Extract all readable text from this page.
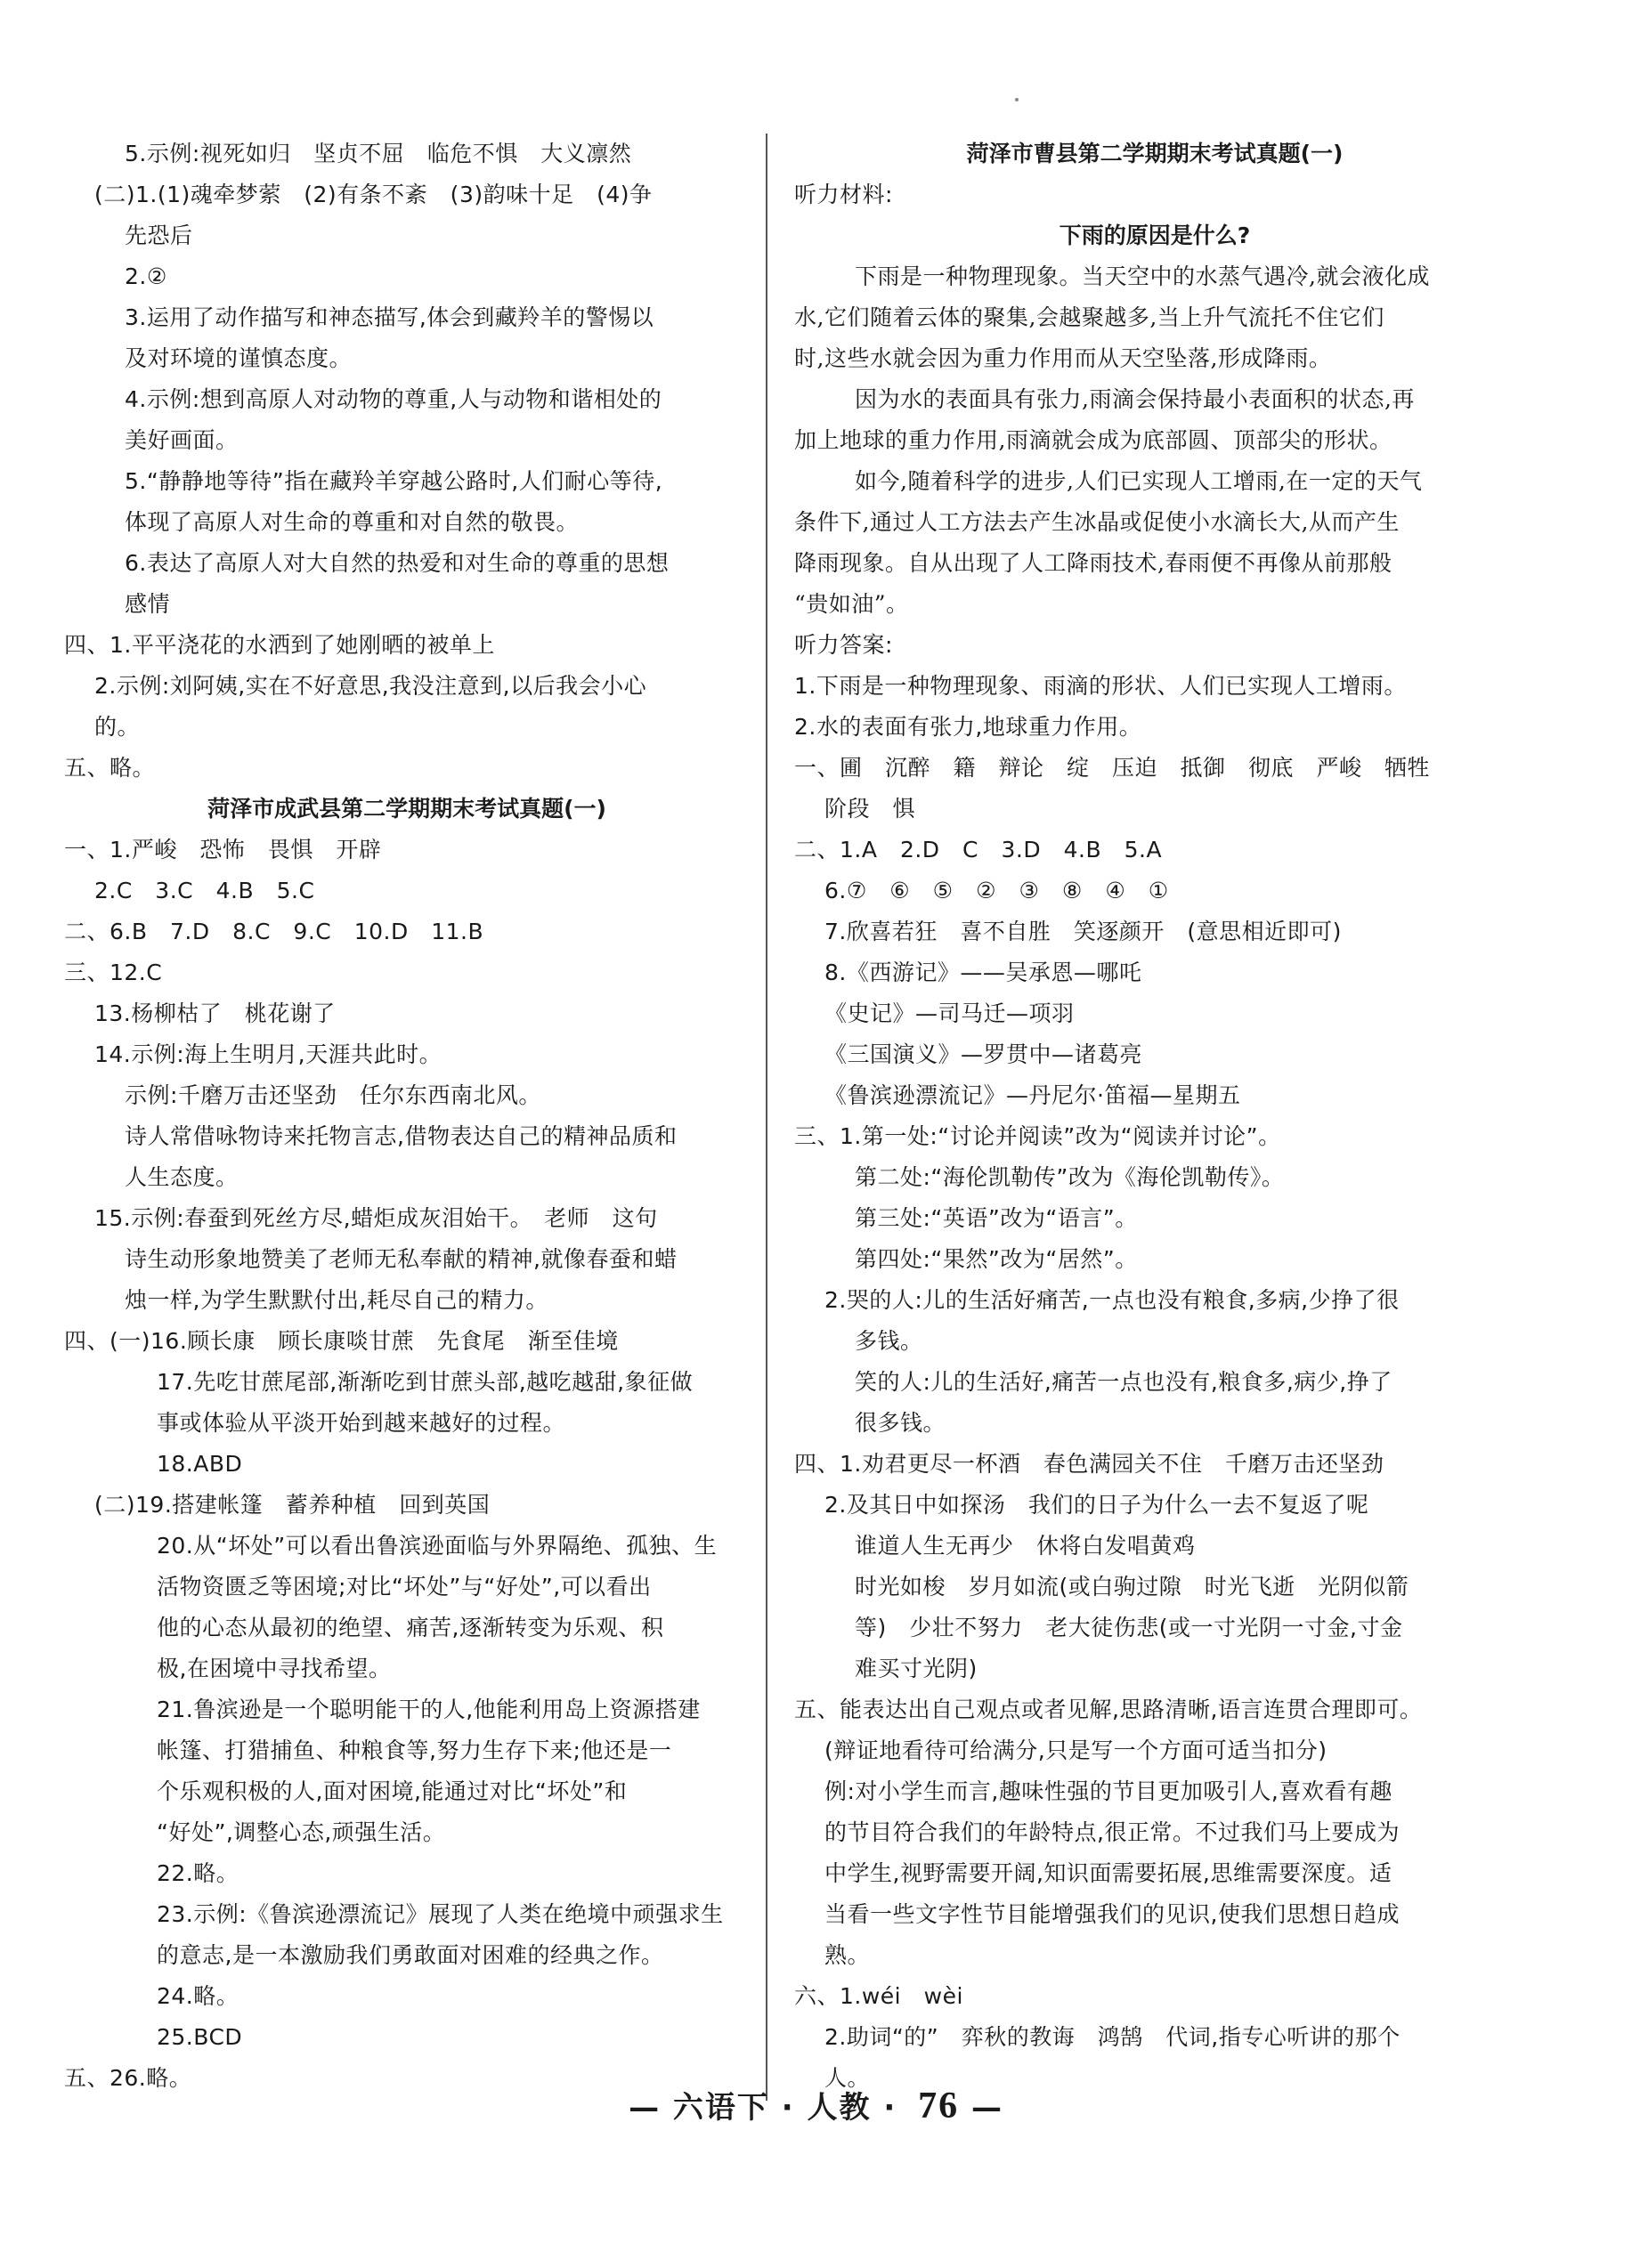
5.示例:视死如归　坚贞不屈　临危不惧　大义凛然
(二)1.(1)魂牵梦萦　(2)有条不紊　(3)韵味十足　(4)争
先恐后
2.②
3.运用了动作描写和神态描写,体会到藏羚羊的警惕以
及对环境的谨慎态度。
4.示例:想到高原人对动物的尊重,人与动物和谐相处的
美好画面。
5.“静静地等待”指在藏羚羊穿越公路时,人们耐心等待,
体现了高原人对生命的尊重和对自然的敬畏。
6.表达了高原人对大自然的热爱和对生命的尊重的思想
感情
四、1.平平浇花的水洒到了她刚晒的被单上
2.示例:刘阿姨,实在不好意思,我没注意到,以后我会小心
的。
五、略。
菏泽市成武县第二学期期末考试真题(一)
一、1.严峻　恐怖　畏惧　开辟
2.C　3.C　4.B　5.C
二、6.B　7.D　8.C　9.C　10.D　11.B
三、12.C
13.杨柳枯了　桃花谢了
14.示例:海上生明月,天涯共此时。
示例:千磨万击还坚劲　任尔东西南北风。
诗人常借咏物诗来托物言志,借物表达自己的精神品质和
人生态度。
15.示例:春蚕到死丝方尽,蜡炬成灰泪始干。　老师　这句
诗生动形象地赞美了老师无私奉献的精神,就像春蚕和蜡
烛一样,为学生默默付出,耗尽自己的精力。
四、(一)16.顾长康　顾长康啖甘蔗　先食尾　渐至佳境
17.先吃甘蔗尾部,渐渐吃到甘蔗头部,越吃越甜,象征做
事或体验从平淡开始到越来越好的过程。
18.ABD
(二)19.搭建帐篷　蓄养种植　回到英国
20.从“坏处”可以看出鲁滨逊面临与外界隔绝、孤独、生
活物资匮乏等困境;对比“坏处”与“好处”,可以看出
他的心态从最初的绝望、痛苦,逐渐转变为乐观、积
极,在困境中寻找希望。
21.鲁滨逊是一个聪明能干的人,他能利用岛上资源搭建
帐篷、打猎捕鱼、种粮食等,努力生存下来;他还是一
个乐观积极的人,面对困境,能通过对比“坏处”和
“好处”,调整心态,顽强生活。
22.略。
23.示例:《鲁滨逊漂流记》展现了人类在绝境中顽强求生
的意志,是一本激励我们勇敢面对困难的经典之作。
24.略。
25.BCD
五、26.略。
菏泽市曹县第二学期期末考试真题(一)
听力材料:
下雨的原因是什么?
下雨是一种物理现象。当天空中的水蒸气遇冷,就会液化成
水,它们随着云体的聚集,会越聚越多,当上升气流托不住它们
时,这些水就会因为重力作用而从天空坠落,形成降雨。
因为水的表面具有张力,雨滴会保持最小表面积的状态,再
加上地球的重力作用,雨滴就会成为底部圆、顶部尖的形状。
如今,随着科学的进步,人们已实现人工增雨,在一定的天气
条件下,通过人工方法去产生冰晶或促使小水滴长大,从而产生
降雨现象。自从出现了人工降雨技术,春雨便不再像从前那般
“贵如油”。
听力答案:
1.下雨是一种物理现象、雨滴的形状、人们已实现人工增雨。
2.水的表面有张力,地球重力作用。
一、圃　沉醉　籍　辩论　绽　压迫　抵御　彻底　严峻　牺牲
阶段　惧
二、1.A　2.D　C　3.D　4.B　5.A
6.⑦　⑥　⑤　②　③　⑧　④　①
7.欣喜若狂　喜不自胜　笑逐颜开　(意思相近即可)
8.《西游记》——吴承恩—哪吒
《史记》—司马迁—项羽
《三国演义》—罗贯中—诸葛亮
《鲁滨逊漂流记》—丹尼尔·笛福—星期五
三、1.第一处:“讨论并阅读”改为“阅读并讨论”。
第二处:“海伦凯勒传”改为《海伦凯勒传》。
第三处:“英语”改为“语言”。
第四处:“果然”改为“居然”。
2.哭的人:儿的生活好痛苦,一点也没有粮食,多病,少挣了很
多钱。
笑的人:儿的生活好,痛苦一点也没有,粮食多,病少,挣了
很多钱。
四、1.劝君更尽一杯酒　春色满园关不住　千磨万击还坚劲
2.及其日中如探汤　我们的日子为什么一去不复返了呢
谁道人生无再少　休将白发唱黄鸡
时光如梭　岁月如流(或白驹过隙　时光飞逝　光阴似箭
等)　少壮不努力　老大徒伤悲(或一寸光阴一寸金,寸金
难买寸光阴)
五、能表达出自己观点或者见解,思路清晰,语言连贯合理即可。
(辩证地看待可给满分,只是写一个方面可适当扣分)
例:对小学生而言,趣味性强的节目更加吸引人,喜欢看有趣
的节目符合我们的年龄特点,很正常。不过我们马上要成为
中学生,视野需要开阔,知识面需要拓展,思维需要深度。适
当看一些文字性节目能增强我们的见识,使我们思想日趋成
熟。
六、1.wéi　wèi
2.助词“的”　弈秋的教诲　鸿鹄　代词,指专心听讲的那个
人。
— 六语下 · 人教 · 76 —
